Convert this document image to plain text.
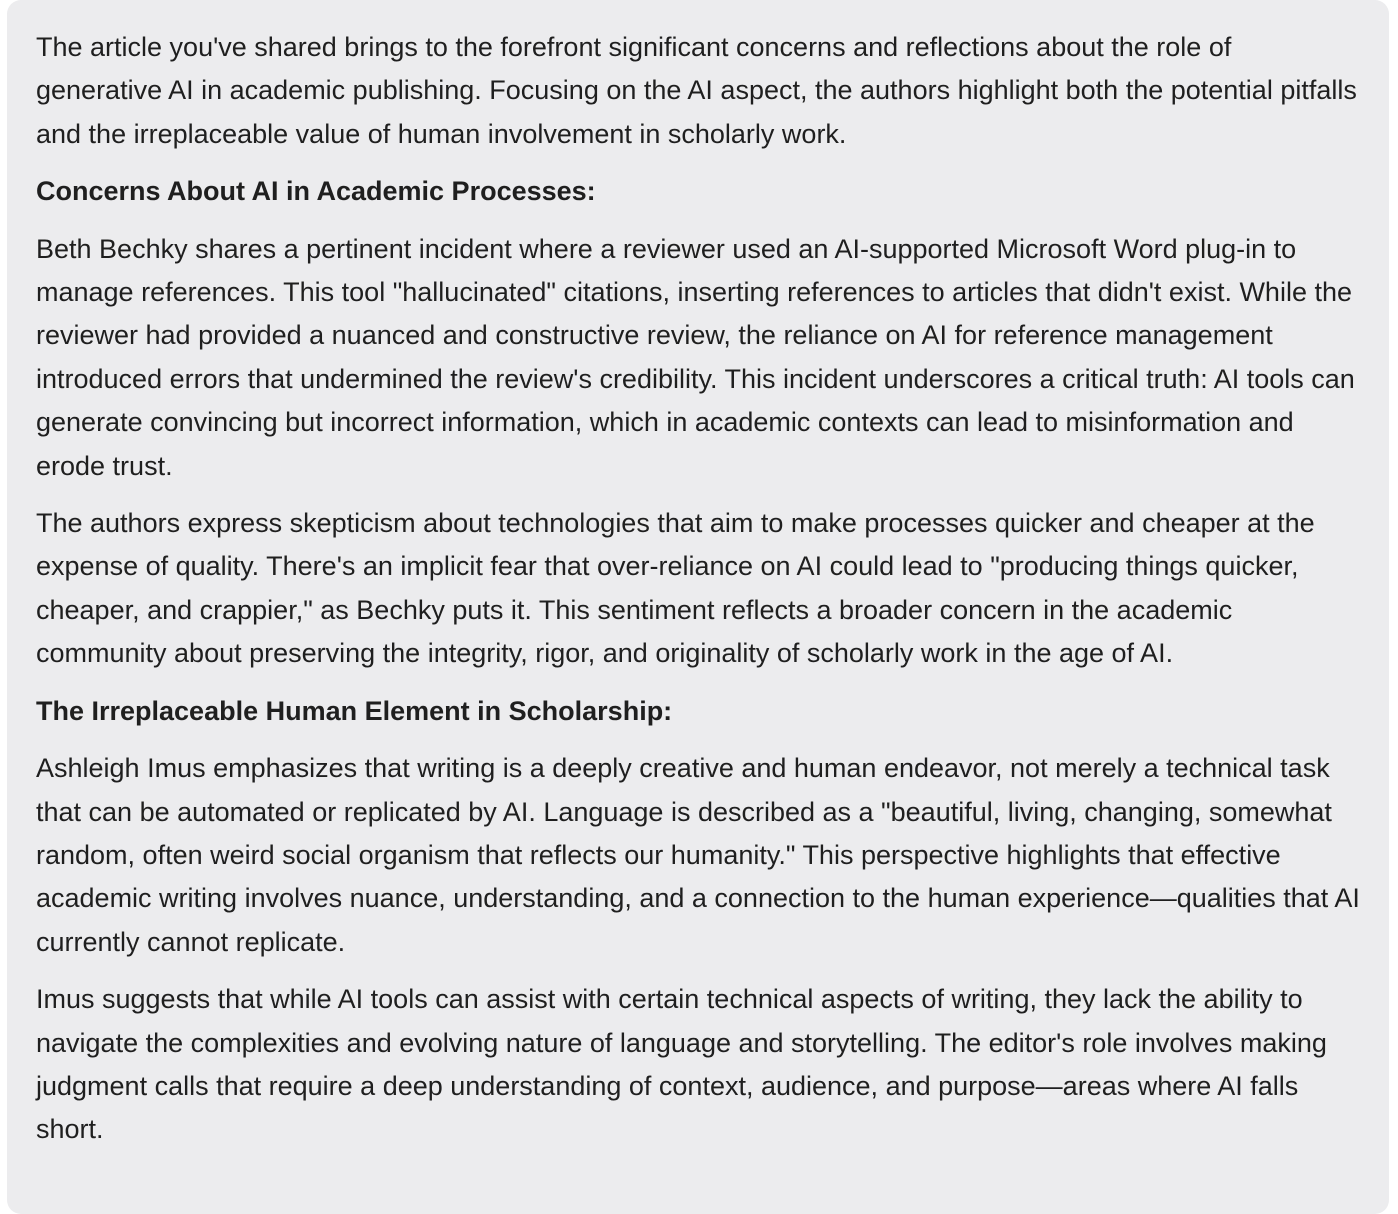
The article you've shared brings to the forefront significant concerns and reflections about the role of generative AI in academic publishing. Focusing on the AI aspect, the authors highlight both the potential pitfalls and the irreplaceable value of human involvement in scholarly work.

Concerns About AI in Academic Processes:

Beth Bechky shares a pertinent incident where a reviewer used an AI-supported Microsoft Word plug-in to manage references. This tool "hallucinated" citations, inserting references to articles that didn't exist. While the reviewer had provided a nuanced and constructive review, the reliance on AI for reference management introduced errors that undermined the review's credibility. This incident underscores a critical truth: AI tools can generate convincing but incorrect information, which in academic contexts can lead to misinformation and erode trust.

The authors express skepticism about technologies that aim to make processes quicker and cheaper at the expense of quality. There's an implicit fear that over-reliance on AI could lead to "producing things quicker, cheaper, and crappier," as Bechky puts it. This sentiment reflects a broader concern in the academic community about preserving the integrity, rigor, and originality of scholarly work in the age of AI.

The Irreplaceable Human Element in Scholarship:

Ashleigh Imus emphasizes that writing is a deeply creative and human endeavor, not merely a technical task that can be automated or replicated by AI. Language is described as a "beautiful, living, changing, somewhat random, often weird social organism that reflects our humanity." This perspective highlights that effective academic writing involves nuance, understanding, and a connection to the human experience—qualities that AI currently cannot replicate.

Imus suggests that while AI tools can assist with certain technical aspects of writing, they lack the ability to navigate the complexities and evolving nature of language and storytelling. The editor's role involves making judgment calls that require a deep understanding of context, audience, and purpose—areas where AI falls short.
